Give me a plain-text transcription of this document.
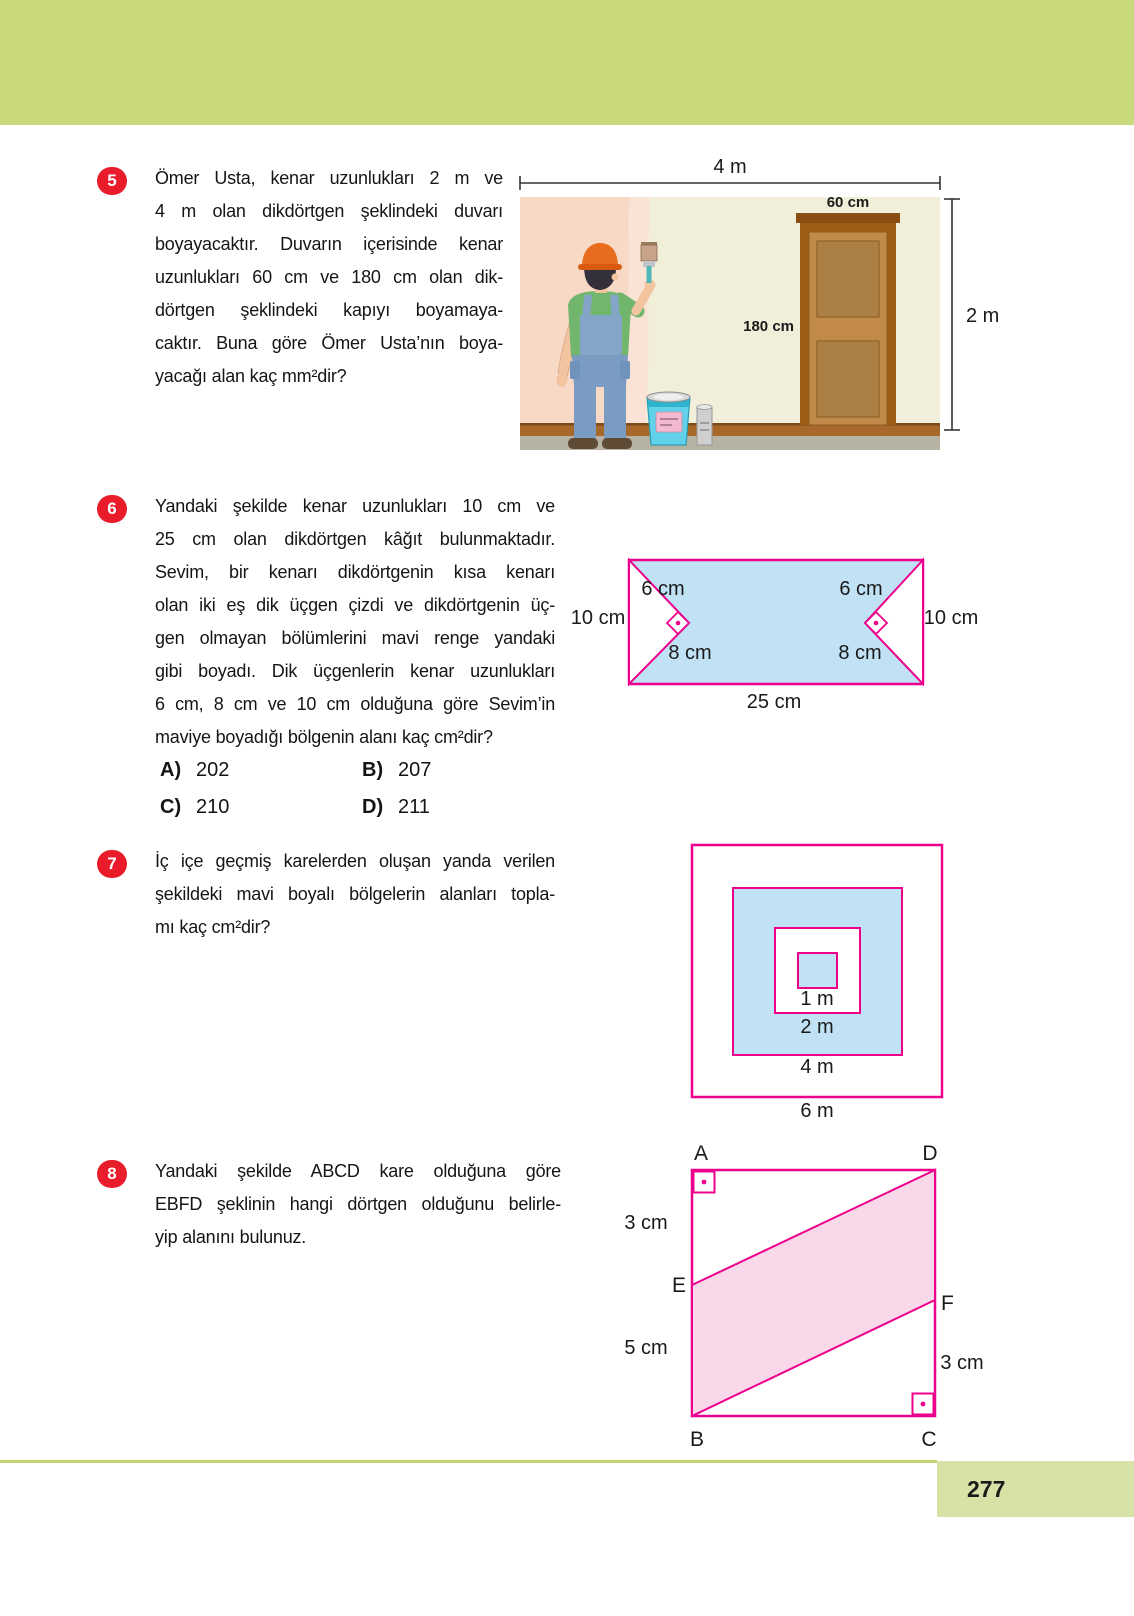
5	Ömer Usta, kenar uzunlukları 2 m ve
4 m olan dikdörtgen şeklindeki duvarı
boyayacaktır. Duvarın içerisinde kenar
uzunlukları 60 cm ve 180 cm olan dik-
dörtgen şeklindeki kapıyı boyamaya-
caktır. Buna göre Ömer Usta’nın boya-
yacağı alan kaç mm²dir?
4 m
60 cm
180 cm	2 m
6	Yandaki şekilde kenar uzunlukları 10 cm ve
25 cm olan dikdörtgen kâğıt bulunmaktadır.
Sevim, bir kenarı dikdörtgenin kısa kenarı
olan iki eş dik üçgen çizdi ve dikdörtgenin üç-
gen olmayan bölümlerini mavi renge yandaki
gibi boyadı. Dik üçgenlerin kenar uzunlukları
6 cm, 8 cm ve 10 cm olduğuna göre Sevim’in
maviye boyadığı bölgenin alanı kaç cm²dir?
6 cm
8 cm
6 cm
8 cm
10 cm	10 cm
25 cm
A) 202	B) 207
C) 210	D) 211
7	İç içe geçmiş karelerden oluşan yanda verilen
şekildeki mavi boyalı bölgelerin alanları topla-
mı kaç cm²dir?
1 m
2 m
4 m
6 m
8	Yandaki şekilde ABCD kare olduğuna göre
EBFD şeklinin hangi dörtgen olduğunu belirle-
yip alanını bulunuz.
A	D
B	C
E
F
3 cm
5 cm
3 cm
277
